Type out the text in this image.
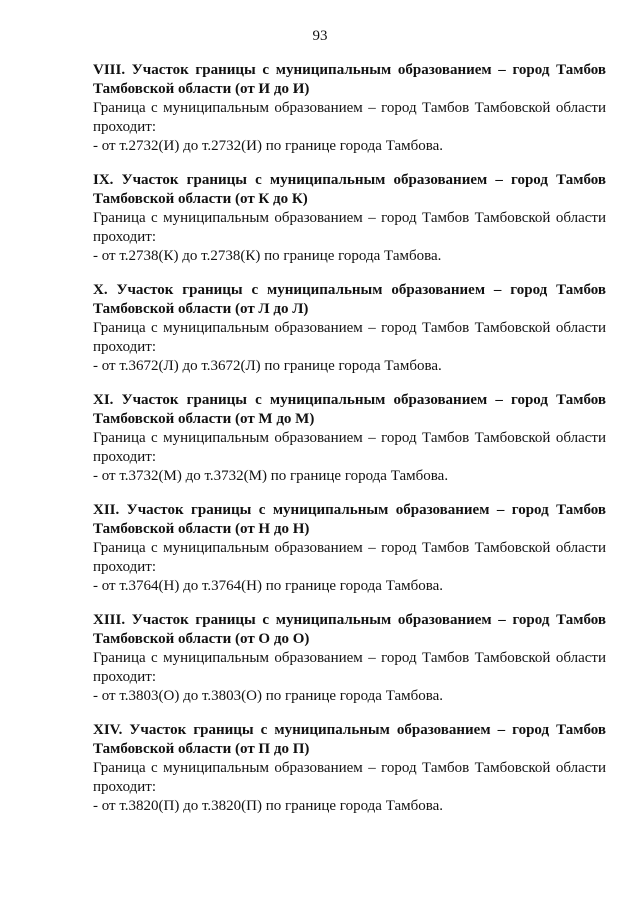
93
VIII. Участок границы с муниципальным образованием – город Тамбов Тамбовской области (от И до И)
Граница с муниципальным образованием – город Тамбов Тамбовской области проходит:
- от т.2732(И) до т.2732(И) по границе города Тамбова.
IX. Участок границы с муниципальным образованием – город Тамбов Тамбовской области (от К до К)
Граница с муниципальным образованием – город Тамбов Тамбовской области проходит:
- от т.2738(К) до т.2738(К) по границе города Тамбова.
X. Участок границы с муниципальным образованием – город Тамбов Тамбовской области (от Л до Л)
Граница с муниципальным образованием – город Тамбов Тамбовской области проходит:
- от т.3672(Л) до т.3672(Л) по границе города Тамбова.
XI. Участок границы с муниципальным образованием – город Тамбов Тамбовской области (от М до М)
Граница с муниципальным образованием – город Тамбов Тамбовской области проходит:
- от т.3732(М) до т.3732(М) по границе города Тамбова.
XII. Участок границы с муниципальным образованием – город Тамбов Тамбовской области (от Н до Н)
Граница с муниципальным образованием – город Тамбов Тамбовской области проходит:
- от т.3764(Н) до т.3764(Н) по границе города Тамбова.
XIII. Участок границы с муниципальным образованием – город Тамбов Тамбовской области (от О до О)
Граница с муниципальным образованием – город Тамбов Тамбовской области проходит:
- от т.3803(О) до т.3803(О) по границе города Тамбова.
XIV. Участок границы с муниципальным образованием – город Тамбов Тамбовской области (от П до П)
Граница с муниципальным образованием – город Тамбов Тамбовской области проходит:
- от т.3820(П) до т.3820(П) по границе города Тамбова.
